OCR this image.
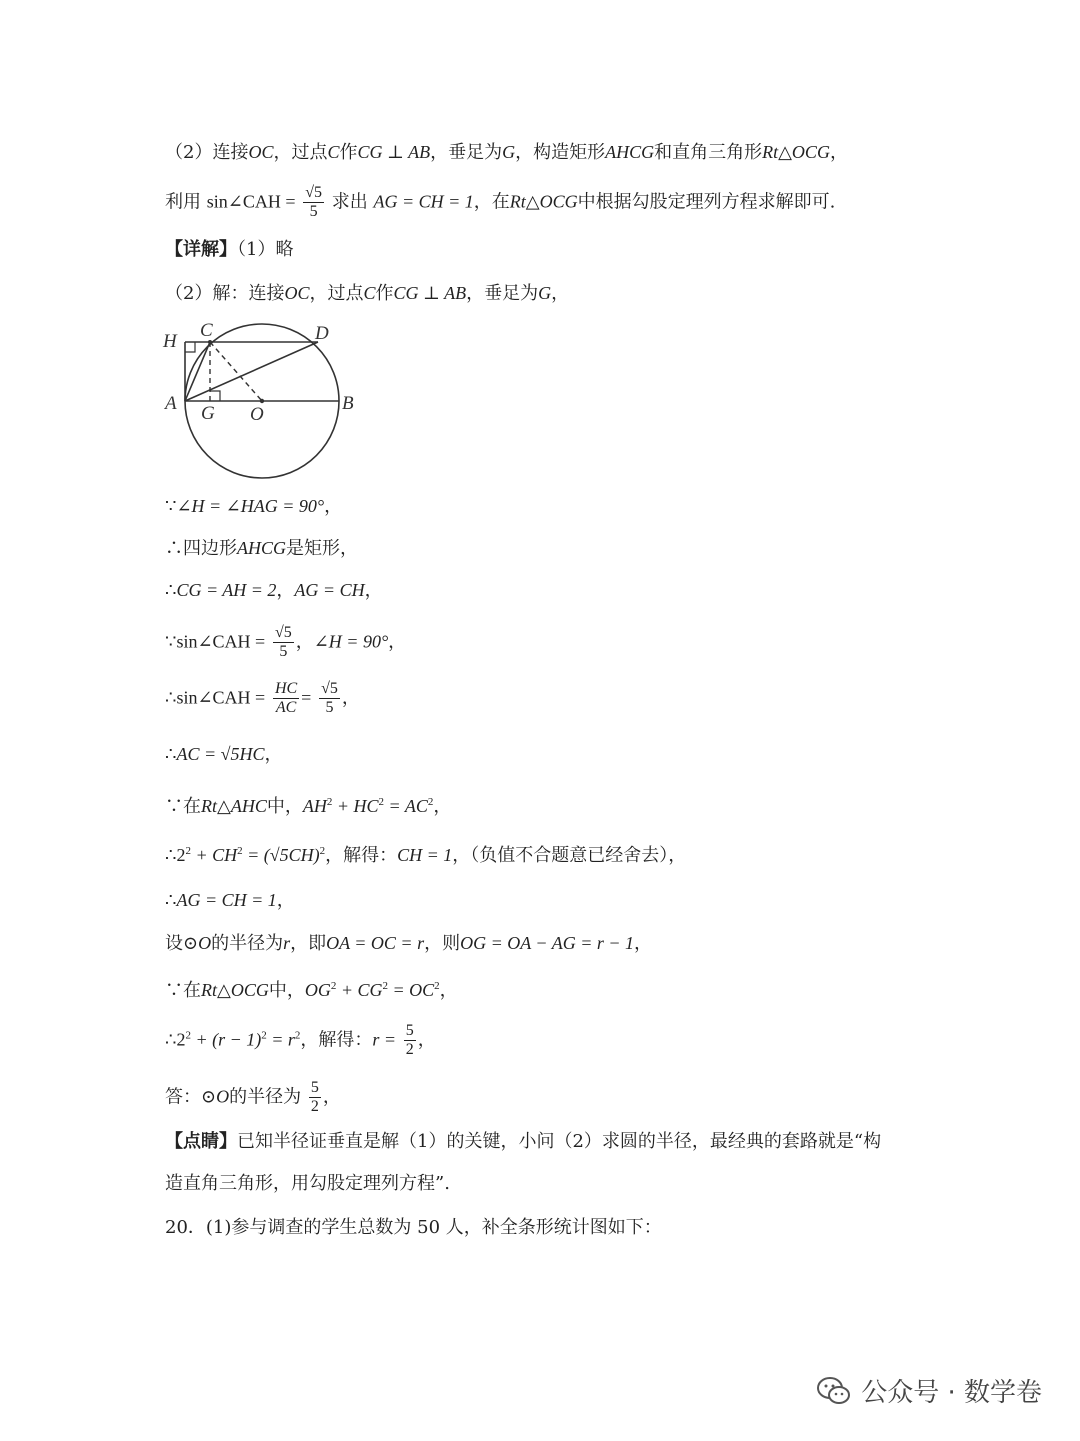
（2）连接OC，过点C作CG ⊥ AB，垂足为G，构造矩形AHCG和直角三角形Rt△OCG，
利用 sin∠CAH = $\frac{√5}{5}$ 求出 AG = CH = 1，在Rt△OCG中根据勾股定理列方程求解即可.
【详解】（1）略
（2）解：连接OC，过点C作CG ⊥ AB，垂足为G，
H
C	D
A G O
B
∵∠H = ∠HAG = 90°，
∴四边形AHCG是矩形，
∴CG = AH = 2，AG = CH，
∵sin∠CAH = $\frac{√5}{5}$ ，∠H = 90°，
∴sin∠CAH = $\frac{HC}{AC} = \frac{√5}{5}$ ，
∴AC = √5HC，
∵在Rt△AHC中，$AH^2 + HC^2 = AC^2$，
$\therefore 2^2 + CH^2 = (√5CH)^2$，解得：CH = 1，（负值不合题意已经舍去），
∴AG = CH = 1，
设⊙O的半径为r，即OA = OC = r，则OG = OA − AG = r − 1，
∵在Rt△OCG中，$OG^2 + CG^2 = OC^2$，
$\therefore 2^2 + (r - 1)^2 = r^2$，解得：$r = \frac{5}{2}$ ，
答：⊙O的半径为 $\frac{5}{2}$ ，
【点睛】已知半径证垂直是解（1）的关键，小问（2）求圆的半径，最经典的套路就是“构
造直角三角形，用勾股定理列方程”.
20．(1)参与调查的学生总数为 50 人，补全条形统计图如下：
公众号 · 数学卷
